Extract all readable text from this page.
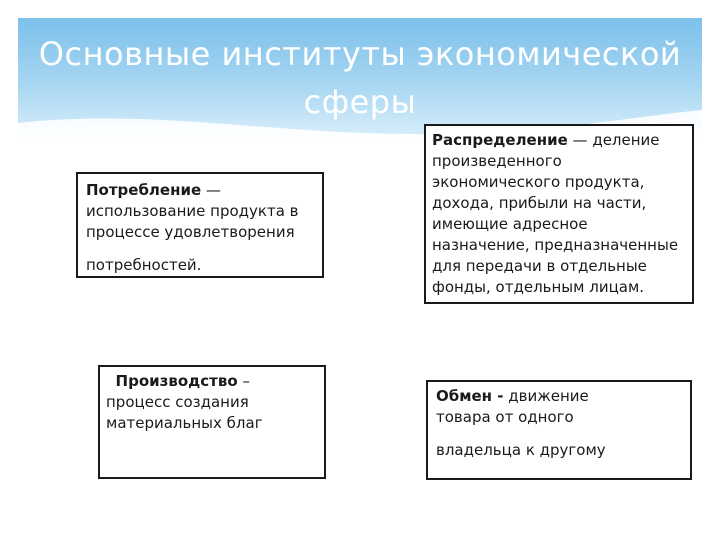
Основные институты экономической
сферы
Потребление —
использование продукта в
процессе удовлетворения
потребностей.
Распределение — деление
произведенного
экономического продукта,
дохода, прибыли на части,
имеющие адресное
назначение, предназначенные
для передачи в отдельные
фонды, отдельным лицам.
Производство –
процесс создания
материальных благ
Обмен - движение
товара от одного
владельца к другому
